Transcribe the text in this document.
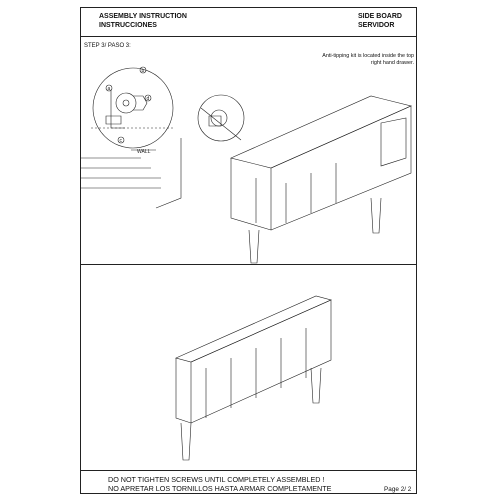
ASSEMBLY INSTRUCTION
INSTRUCCIONES
SIDE BOARD
SERVIDOR
STEP 3/ PASO 3:
Anti-tipping kit is located inside the top right hand drawer.
a
b
c
d
WALL
DO NOT TIGHTEN SCREWS UNTIL COMPLETELY ASSEMBLED !
NO APRETAR LOS TORNILLOS HASTA ARMAR COMPLETAMENTE	Page 2/ 2
